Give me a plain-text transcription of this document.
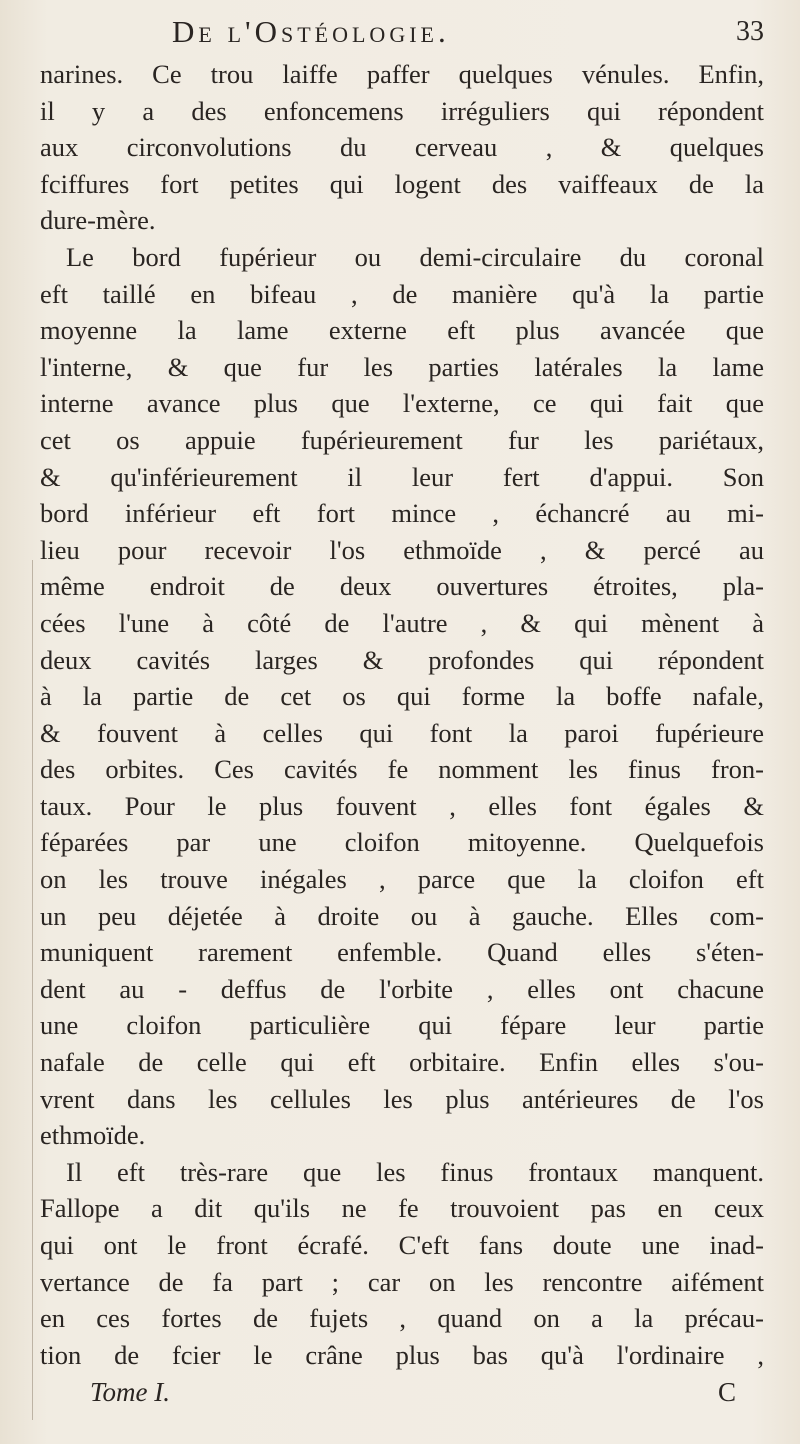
De l'Ostéologie.	33
narines. Ce trou laiffe paffer quelques vénules. Enfin,
il y a des enfoncemens irréguliers qui répondent
aux circonvolutions du cerveau , & quelques
fciffures fort petites qui logent des vaiffeaux de la
dure-mère.
Le bord fupérieur ou demi-circulaire du coronal
eft taillé en bifeau , de manière qu'à la partie
moyenne la lame externe eft plus avancée que
l'interne, & que fur les parties latérales la lame
interne avance plus que l'externe, ce qui fait que
cet os appuie fupérieurement fur les pariétaux,
& qu'inférieurement il leur fert d'appui. Son
bord inférieur eft fort mince , échancré au mi-
lieu pour recevoir l'os ethmoïde , & percé au
même endroit de deux ouvertures étroites, pla-
cées l'une à côté de l'autre , & qui mènent à
deux cavités larges & profondes qui répondent
à la partie de cet os qui forme la boffe nafale,
& fouvent à celles qui font la paroi fupérieure
des orbites. Ces cavités fe nomment les finus fron-
taux. Pour le plus fouvent , elles font égales &
féparées par une cloifon mitoyenne. Quelquefois
on les trouve inégales , parce que la cloifon eft
un peu déjetée à droite ou à gauche. Elles com-
muniquent rarement enfemble. Quand elles s'éten-
dent au - deffus de l'orbite , elles ont chacune
une cloifon particulière qui fépare leur partie
nafale de celle qui eft orbitaire. Enfin elles s'ou-
vrent dans les cellules les plus antérieures de l'os
ethmoïde.
Il eft très-rare que les finus frontaux manquent.
Fallope a dit qu'ils ne fe trouvoient pas en ceux
qui ont le front écrafé. C'eft fans doute une inad-
vertance de fa part ; car on les rencontre aifément
en ces fortes de fujets , quand on a la précau-
tion de fcier le crâne plus bas qu'à l'ordinaire ,
Tome I.	C
